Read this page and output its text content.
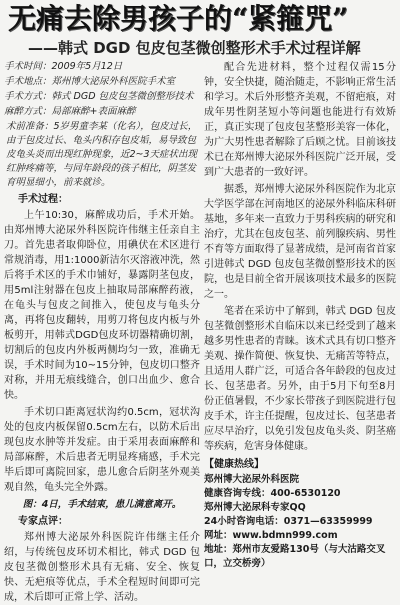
无痛去除男孩子的“紧箍咒”
——韩式 DGD 包皮包茎微创整形术手术过程详解
手术时间：2009年5月12日
手术地点：郑州博大泌尿外科医院手术室
手术方式：韩式 DGD 包皮包茎微创整形技术
麻醉方式：局部麻醉+表面麻醉
术前准备：5岁男童李某（化名），包皮过长，由于包皮过长、龟头内积存包皮垢，易导致包皮龟头炎而出现红肿现象，近2~3天症状出现红肿疼痛等，与同年龄段的孩子相比，阴茎发育明显细小，前来就诊。
手术过程：

上午10:30，麻醉成功后，手术开始。由郑州博大泌尿外科医院许伟继主任亲自主刀。首先患者取仰卧位，用碘伏在术区进行常规消毒，用1:1000新洁尔灭溶液冲洗，然后将手术区的手术巾铺好，暴露阴茎包皮，用5ml注射器在包皮上抽取局部麻醉药液，在龟头与包皮之间推入，使包皮与龟头分离，再将包皮翻转，用剪刀将包皮内板与外板剪开，用韩式DGD包皮环切器精确切割，切割后的包皮内外板两侧均匀一致，准确无误，手术时间为10~15分钟，包皮切口整齐对称，并用无痕线缝合，创口出血少、愈合快。

手术切口距离冠状沟约0.5cm，冠状沟处的包皮内板保留0.5cm左右，以防术后出现包皮水肿等并发症。由于采用表面麻醉和局部麻醉，术后患者无明显疼痛感，手术完毕后即可离院回家，患儿愈合后阴茎外观美观自然，龟头完全外露。

图：4日，手术结束，患儿满意离开。
专家点评：

郑州博大泌尿外科医院许伟继主任介绍，与传统包皮环切术相比，韩式 DGD 包皮包茎微创整形术具有无痛、安全、恢复快、无疤痕等优点，手术全程短时间即可完成，术后即可正常上学、活动。

配合先进材料，整个过程仅需15分钟，安全快捷，随治随走，不影响正常生活和学习。术后外形整齐美观，不留疤痕，对成年男性阴茎短小等问题也能进行有效矫正，真正实现了包皮包茎整形美容一体化，为广大男性患者解除了后顾之忧。目前该技术已在郑州博大泌尿外科医院广泛开展，受到广大患者的一致好评。

据悉，郑州博大泌尿外科医院作为北京大学医学部在河南地区的泌尿外科临床科研基地，多年来一直致力于男科疾病的研究和治疗，尤其在包皮包茎、前列腺疾病、男性不育等方面取得了显著成绩，是河南省首家引进韩式 DGD 包皮包茎微创整形技术的医院，也是目前全省开展该项技术最多的医院之一。

笔者在采访中了解到，韩式 DGD 包皮包茎微创整形术自临床以来已经受到了越来越多男性患者的青睐。该术式具有切口整齐美观、操作简便、恢复快、无痛苦等特点，且适用人群广泛，可适合各年龄段的包皮过长、包茎患者。另外，由于5月下旬至8月份正值暑假，不少家长带孩子到医院进行包皮手术，许主任提醒，包皮过长、包茎患者应尽早治疗，以免引发包皮龟头炎、阴茎癌等疾病，危害身体健康。

【健康热线】
郑州博大泌尿外科医院
健康咨询专线：400-6530120
郑州博大泌尿科专家QQ
24小时咨询电话：0371—63359999
网址：www.bdmn999.com
地址：郑州市友爱路130号（与大沽路交叉口，立交桥旁）
